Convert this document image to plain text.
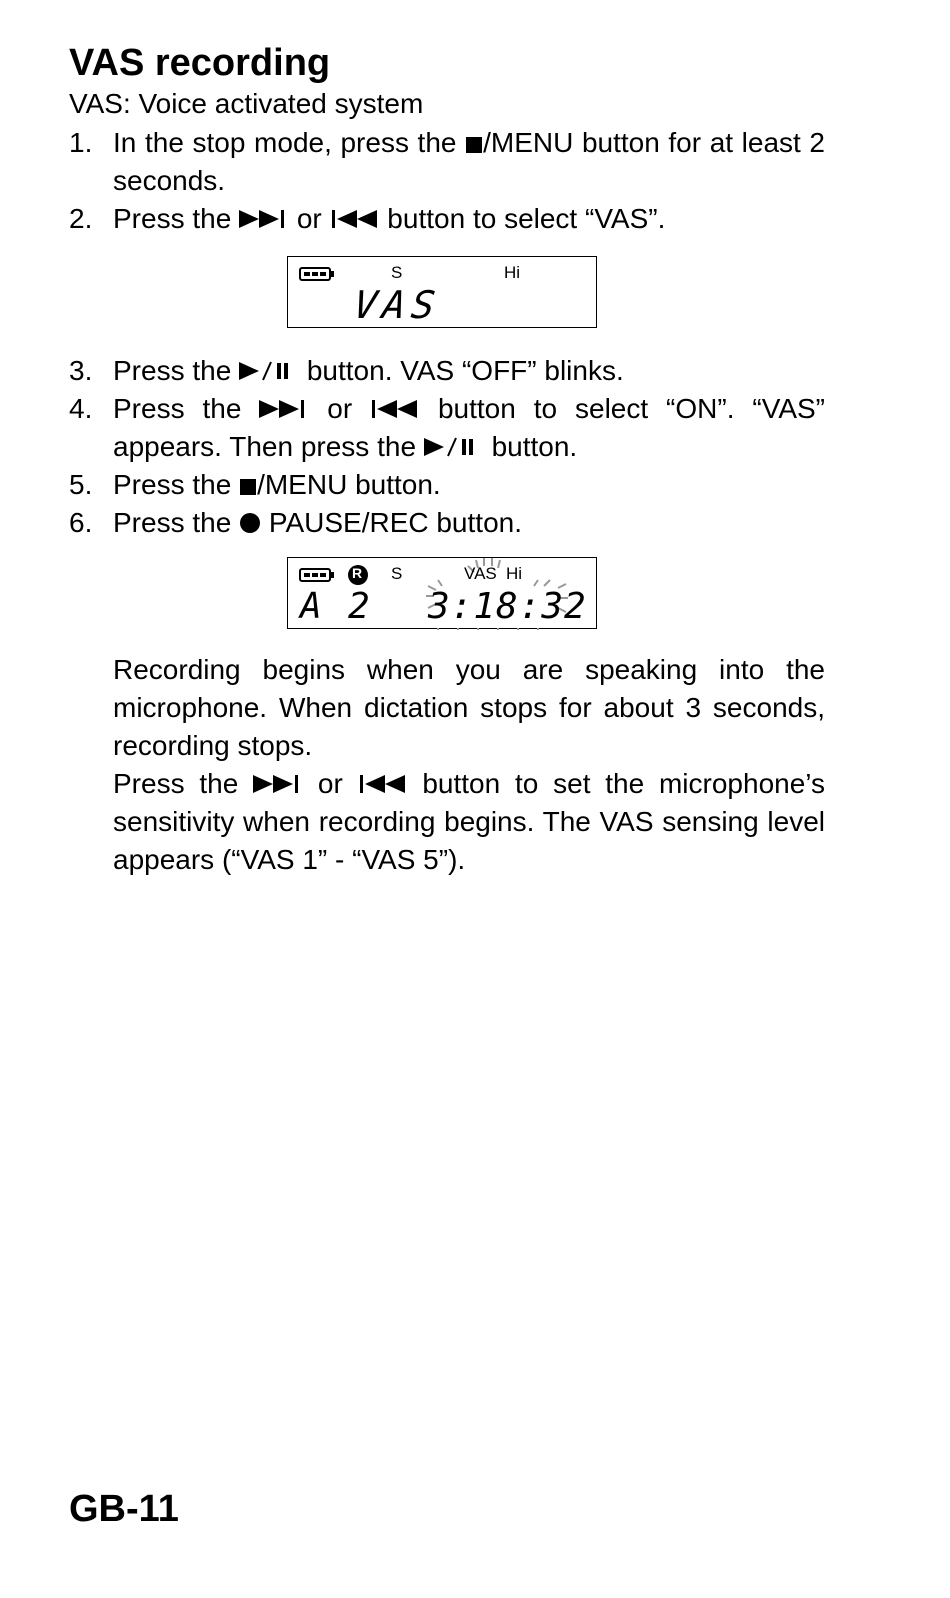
VAS recording
VAS: Voice activated system
1. In the stop mode, press the /MENU button for at least 2 seconds.
2. Press the  or  button to select “VAS”.
S	Hi
VAS
3. Press the  button. VAS “OFF” blinks.
4. Press the  or  button to select “ON”. “VAS” appears. Then press the  button.
5. Press the /MENU button.
6. Press the  PAUSE/REC button.
R S	VAS Hi
A 2 3:18:32
Recording begins when you are speaking into the microphone. When dictation stops for about 3 seconds, recording stops.
Press the  or  button to set the microphone’s sensitivity when recording begins. The VAS sensing level appears (“VAS 1” - “VAS 5”).
GB-11
